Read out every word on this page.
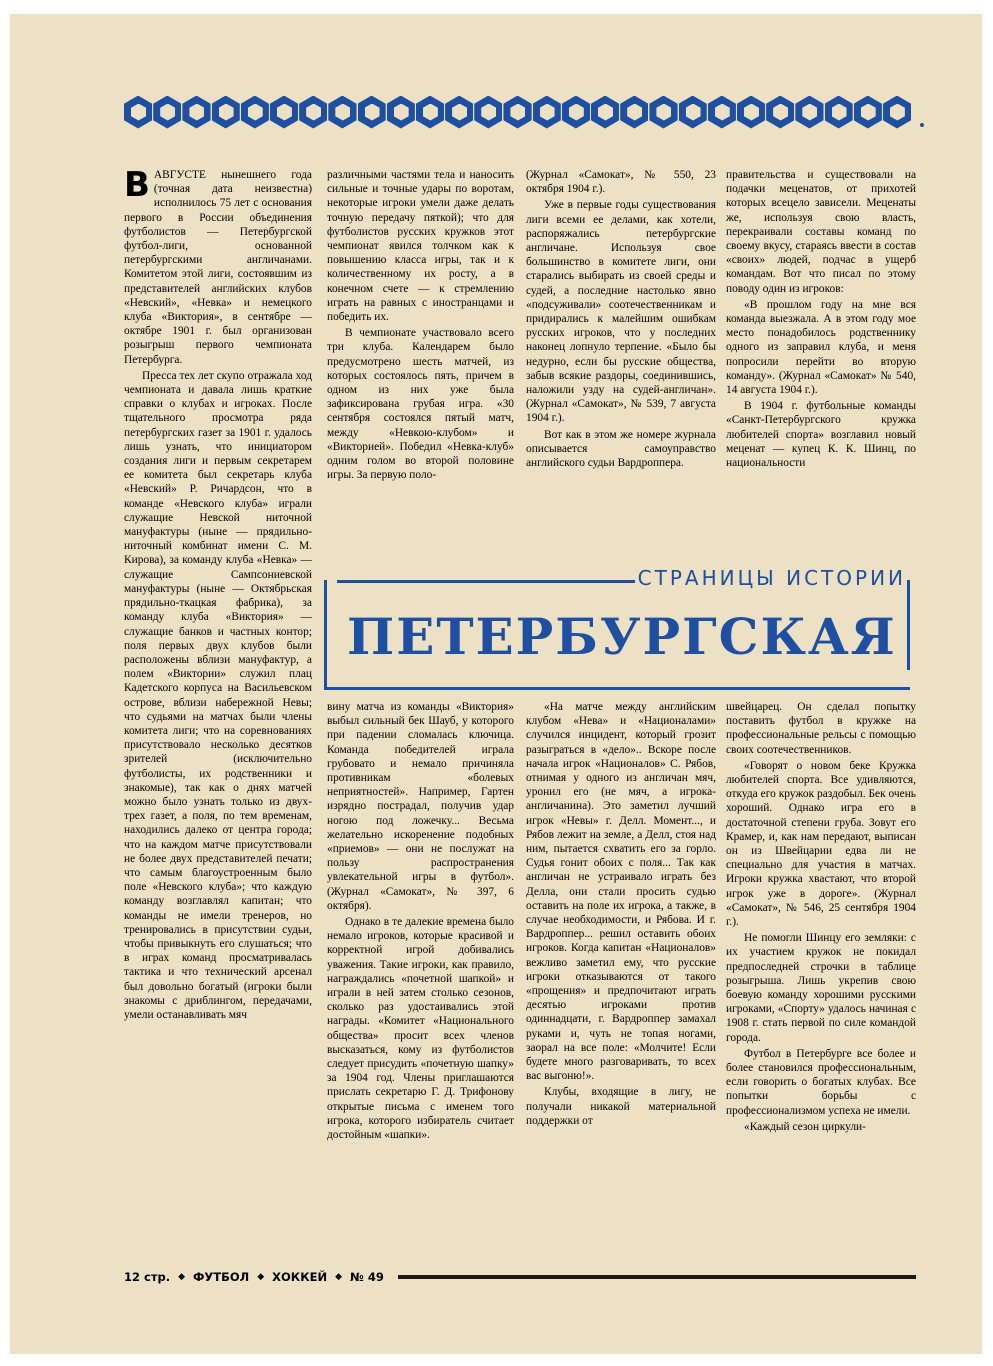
ВАВГУСТЕ нынешнего года (точная дата неизвестна) исполнилось 75 лет с основания первого в России объединения футболистов — Петербургской футбол-лиги, основанной петербургскими англичанами. Комитетом этой лиги, состоявшим из представителей английских клубов «Невский», «Невка» и немецкого клуба «Виктория», в сентябре — октябре 1901 г. был организован розыгрыш первого чемпионата Петербурга.

Пресса тех лет скупо отражала ход чемпионата и давала лишь краткие справки о клубах и игроках. После тщательного просмотра ряда петербургских газет за 1901 г. удалось лишь узнать, что инициатором создания лиги и первым секретарем ее комитета был секретарь клуба «Невский» Р. Ричардсон, что в команде «Невского клуба» играли служащие Невской ниточной мануфактуры (ныне — прядильно-ниточный комбинат имени С. М. Кирова), за команду клуба «Невка» — служащие Сампсониевской мануфактуры (ныне — Октябрьская прядильно-ткацкая фабрика), за команду клуба «Виктория» — служащие банков и частных контор; поля первых двух клубов были расположены вблизи мануфактур, а полем «Виктории» служил плац Кадетского корпуса на Васильевском острове, вблизи набережной Невы; что судьями на матчах были члены комитета лиги; что на соревнованиях присутствовало несколько десятков зрителей (исключительно футболисты, их родственники и знакомые), так как о днях матчей можно было узнать только из двух-трех газет, а поля, по тем временам, находились далеко от центра города; что на каждом матче присутствовали не более двух представителей печати; что самым благоустроенным было поле «Невского клуба»; что каждую команду возглавлял капитан; что команды не имели тренеров, но тренировались в присутствии судьи, чтобы привыкнуть его слушаться; что в играх команд просматривалась тактика и что технический арсенал был довольно богатый (игроки были знакомы с дриблингом, передачами, умели останавливать мяч

различными частями тела и наносить сильные и точные удары по воротам, некоторые игроки умели даже делать точную передачу пяткой); что для футболистов русских кружков этот чемпионат явился толчком как к повышению класса игры, так и к количественному их росту, а в конечном счете — к стремлению играть на равных с иностранцами и победить их.

В чемпионате участвовало всего три клуба. Календарем было предусмотрено шесть матчей, из которых состоялось пять, причем в одном из них уже была зафиксирована грубая игра. «30 сентября состоялся пятый матч, между «Невкою-клубом» и «Викторией». Победил «Невка-клуб» одним голом во второй половине игры. За первую поло-

(Журнал «Самокат», № 550, 23 октября 1904 г.).

Уже в первые годы существования лиги всеми ее делами, как хотели, распоряжались петербургские англичане. Используя свое большинство в комитете лиги, они старались выбирать из своей среды и судей, а последние настолько явно «подсуживали» соотечественникам и придирались к малейшим ошибкам русских игроков, что у последних наконец лопнуло терпение. «Было бы недурно, если бы русские общества, забыв всякие раздоры, соединившись, наложили узду на судей-англичан». (Журнал «Самокат», № 539, 7 августа 1904 г.).

Вот как в этом же номере журнала описывается самоуправство английского судьи Вардроппера.

правительства и существовали на подачки меценатов, от прихотей которых всецело зависели. Меценаты же, используя свою власть, перекраивали составы команд по своему вкусу, стараясь ввести в состав «своих» людей, подчас в ущерб командам. Вот что писал по этому поводу один из игроков:

«В прошлом году на мне вся команда выезжала. А в этом году мое место понадобилось родственнику одного из заправил клуба, и меня попросили перейти во вторую команду». (Журнал «Самокат» № 540, 14 августа 1904 г.).

В 1904 г. футбольные команды «Санкт-Петербургского кружка любителей спорта» возглавил новый меценат — купец К. К. Шинц, по национальности

СТРАНИЦЫ ИСТОРИИ
ПЕТЕРБУРГСКАЯ

вину матча из команды «Виктория» выбыл сильный бек Шауб, у которого при падении сломалась ключица. Команда победителей играла грубовато и немало причиняла противникам «болевых неприятностей». Например, Гартен изрядно пострадал, получив удар ногою под ложечку... Весьма желательно искоренение подобных «приемов» — они не послужат на пользу распространения увлекательной игры в футбол». (Журнал «Самокат», № 397, 6 октября).

Однако в те далекие времена было немало игроков, которые красивой и корректной игрой добивались уважения. Такие игроки, как правило, награждались «почетной шапкой» и играли в ней затем столько сезонов, сколько раз удостаивались этой награды. «Комитет «Национального общества» просит всех членов высказаться, кому из футболистов следует присудить «почетную шапку» за 1904 год. Члены приглашаются прислать секретарю Г. Д. Трифонову открытые письма с именем того игрока, которого избиратель считает достойным «шапки».

«На матче между английским клубом «Нева» и «Националами» случился инцидент, который грозит разыграться в «дело».. Вскоре после начала игрок «Националов» С. Рябов, отнимая у одного из англичан мяч, уронил его (не мяч, а игрока-англичанина). Это заметил лучший игрок «Невы» г. Делл. Момент..., и Рябов лежит на земле, а Делл, стоя над ним, пытается схватить его за горло. Судья гонит обоих с поля... Так как англичан не устраивало играть без Делла, они стали просить судью оставить на поле их игрока, а также, в случае необходимости, и Рябова. И г. Вардроппер... решил оставить обоих игроков. Когда капитан «Националов» вежливо заметил ему, что русские игроки отказываются от такого «прощения» и предпочитают играть десятью игроками против одиннадцати, г. Вардроппер замахал руками и, чуть не топая ногами, заорал на все поле: «Молчите! Если будете много разговаривать, то всех вас выгоню!».

Клубы, входящие в лигу, не получали никакой материальной поддержки от

швейцарец. Он сделал попытку поставить футбол в кружке на профессиональные рельсы с помощью своих соотечественников.

«Говорят о новом беке Кружка любителей спорта. Все удивляются, откуда его кружок раздобыл. Бек очень хороший. Однако игра его в достаточной степени груба. Зовут его Крамер, и, как нам передают, выписан он из Швейцарии едва ли не специально для участия в матчах. Игроки кружка хвастают, что второй игрок уже в дороге». (Журнал «Самокат», № 546, 25 сентября 1904 г.).

Не помогли Шинцу его земляки: с их участием кружок не покидал предпоследней строчки в таблице розыгрыша. Лишь укрепив свою боевую команду хорошими русскими игроками, «Спорту» удалось начиная с 1908 г. стать первой по силе командой города.

Футбол в Петербурге все более и более становился профессиональным, если говорить о богатых клубах. Все попытки борьбы с профессионализмом успеха не имели.

«Каждый сезон циркули-

12 стр. ◆ ФУТБОЛ ◆ ХОККЕЙ ◆ № 49
